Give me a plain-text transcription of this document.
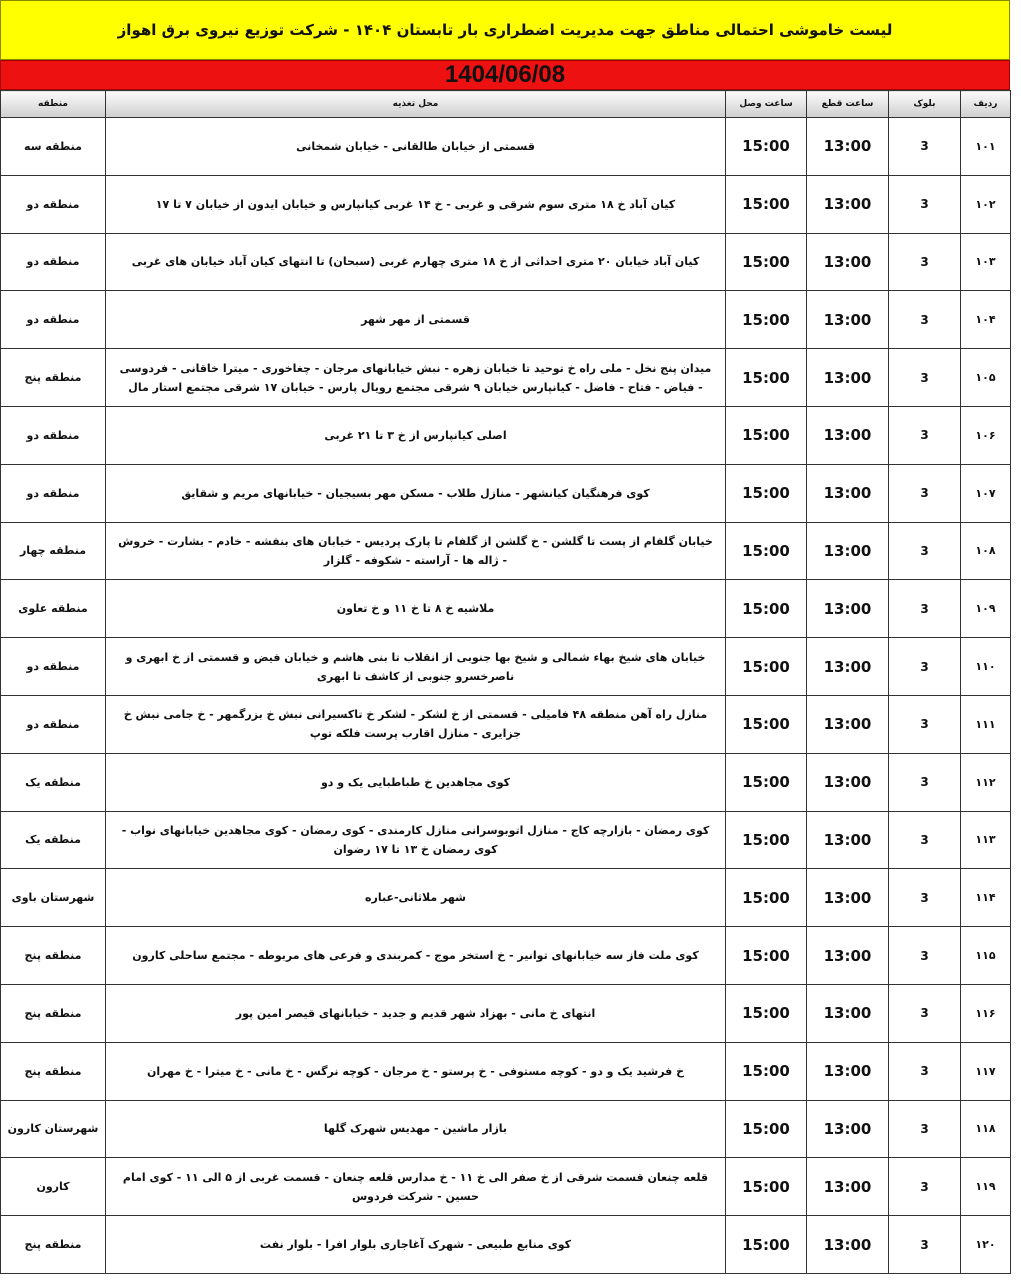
لیست خاموشی احتمالی مناطق جهت مدیریت اضطراری بار تابستان ۱۴۰۴ - شرکت توزیع نیروی برق اهواز
1404/06/08
ردیف	بلوک	ساعت قطع	ساعت وصل	محل تغذیه	منطقه
۱۰۱	3	13:00	15:00	قسمتی از خیابان طالقانی - خیابان شمخانی	منطقه سه
۱۰۲	3	13:00	15:00	کیان آباد خ ۱۸ متری سوم شرقی و غربی - خ ۱۴ غربی کیانپارس و خیابان ایدون از خیابان ۷ تا ۱۷	منطقه دو
۱۰۳	3	13:00	15:00	کیان آباد خیابان ۲۰ متری احداثی از خ ۱۸ متری چهارم غربی (سبحان) تا انتهای کیان آباد خیابان های غربی	منطقه دو
۱۰۴	3	13:00	15:00	قسمتی از مهر شهر	منطقه دو
۱۰۵	3	13:00	15:00	میدان پنج نخل - ملی راه خ توحید تا خیابان زهره - نبش خیابانهای مرجان - چغاخوری - میترا خاقانی - فردوسی - فیاض - فتاح - فاضل - کیانپارس خیابان ۹ شرقی مجتمع رویال پارس - خیابان ۱۷ شرقی مجتمع استار مال	منطقه پنج
۱۰۶	3	13:00	15:00	اصلی کیانپارس از خ ۳ تا ۲۱ غربی	منطقه دو
۱۰۷	3	13:00	15:00	کوی فرهنگیان کیانشهر - منازل طلاب - مسکن مهر بسیجیان - خیابانهای مریم و شقایق	منطقه دو
۱۰۸	3	13:00	15:00	خیابان گلفام از پست تا گلشن - خ گلشن از گلفام تا پارک پردیس - خیابان های بنفشه - خادم - بشارت - خروش - ژاله ها - آراسته - شکوفه - گلزار	منطقه چهار
۱۰۹	3	13:00	15:00	ملاشیه خ ۸ تا خ ۱۱ و خ تعاون	منطقه علوی
۱۱۰	3	13:00	15:00	خیابان های شیخ بهاء شمالی و شیخ بها جنوبی از انقلاب تا بنی هاشم و خیابان فیض و قسمتی از خ ابهری و ناصرخسرو جنوبی از کاشف تا ابهری	منطقه دو
۱۱۱	3	13:00	15:00	منازل راه آهن منطقه ۴۸ فامیلی - قسمتی از خ لشکر - لشکر خ تاکسیرانی نبش خ بزرگمهر - خ جامی نبش خ جزایری - منازل اقارب پرست فلکه توپ	منطقه دو
۱۱۲	3	13:00	15:00	کوی مجاهدین خ طباطبایی یک و دو	منطقه یک
۱۱۳	3	13:00	15:00	کوی رمضان - بازارچه کاج - منازل اتوبوسرانی منازل کارمندی - کوی رمضان - کوی مجاهدین خیابانهای نواب - کوی رمضان خ ۱۳ تا ۱۷ رضوان	منطقه یک
۱۱۴	3	13:00	15:00	شهر ملاثانی-عباره	شهرستان باوی
۱۱۵	3	13:00	15:00	کوی ملت فاز سه خیابانهای توانیر - خ استخر موج - کمربندی و فرعی های مربوطه - مجتمع ساحلی کارون	منطقه پنج
۱۱۶	3	13:00	15:00	انتهای خ مانی - بهزاد شهر قدیم و جدید - خیابانهای قیصر امین پور	منطقه پنج
۱۱۷	3	13:00	15:00	خ فرشید یک و دو - کوچه مستوفی - خ پرستو - خ مرجان - کوچه نرگس - خ مانی - خ میترا - خ مهران	منطقه پنج
۱۱۸	3	13:00	15:00	بازار ماشین - مهدیس شهرک گلها	شهرستان کارون
۱۱۹	3	13:00	15:00	قلعه چنعان قسمت شرقی از خ صفر الی خ ۱۱ - خ مدارس قلعه چنعان - قسمت غربی از ۵ الی ۱۱ - کوی امام حسین - شرکت فردوس	کارون
۱۲۰	3	13:00	15:00	کوی منابع طبیعی - شهرک آغاجاری بلوار افرا - بلوار نفت	منطقه پنج
